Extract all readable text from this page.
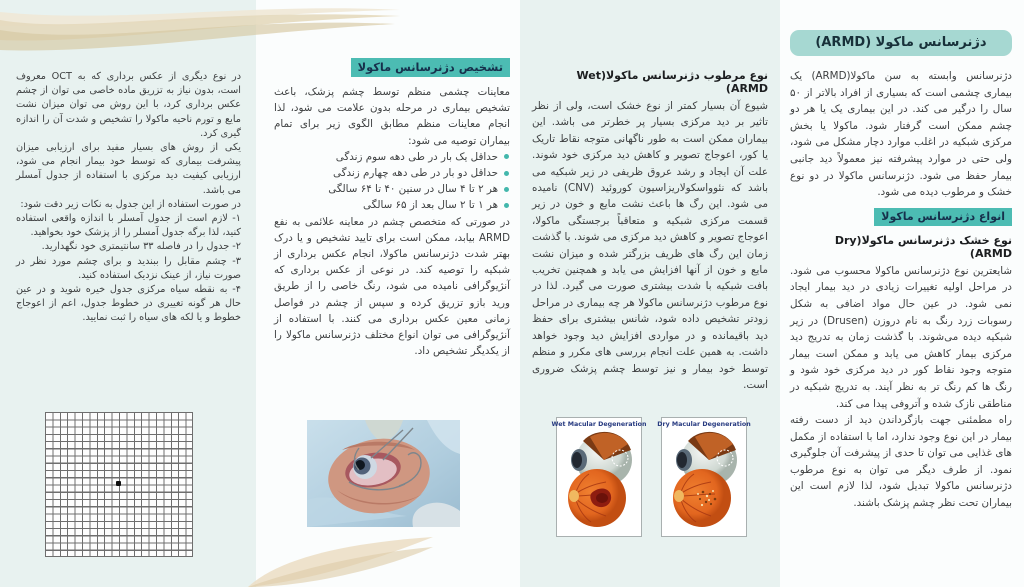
دژنرسانس ماکولا (ARMD)

دژنرسانس وابسته به سن ماکولا(ARMD) یک بیماری چشمی است که بسیاری از افراد بالاتر از ۵۰ سال را درگیر می کند. در این بیماری یک یا هر دو چشم ممکن است گرفتار شود. ماکولا یا بخش مرکزی شبکیه در اغلب موارد دچار مشکل می شود، ولی حتی در موارد پیشرفته نیز معمولاً دید جانبی بیمار حفظ می شود. دژنرسانس ماکولا در دو نوع خشک و مرطوب دیده می شود.

انواع دژنرسانس ماکولا
نوع خشک دژنرسانس ماکولا(Dry ARMD)

شایعترین نوع دژنرسانس ماکولا محسوب می شود. در مراحل اولیه تغییرات زیادی در دید بیمار ایجاد نمی شود. در عین حال مواد اضافی به شکل رسوبات زرد رنگ به نام دروزن (Drusen) در زیر شبکیه دیده می‌شوند. با گذشت زمان به تدریج دید مرکزی بیمار کاهش می یابد و ممکن است بیمار متوجه وجود نقاط کور در دید مرکزی خود شود و رنگ ها کم رنگ تر به نظر آیند. به تدریج شبکیه در مناطقی نازک شده و آتروفی پیدا می کند.

راه مطمئنی جهت بازگرداندن دید از دست رفته بیمار در این نوع وجود ندارد، اما با استفاده از مکمل های غذایی می توان تا حدی از پیشرفت آن جلوگیری نمود. از طرف دیگر می توان به نوع مرطوب دژنرسانس ماکولا تبدیل شود، لذا لازم است این بیماران تحت نظر چشم پزشک باشند.

نوع مرطوب دژنرسانس ماکولا(Wet ARMD)

شیوع آن بسیار کمتر از نوع خشک است، ولی از نظر تاثیر بر دید مرکزی بسیار پر خطرتر می باشد. این بیماران ممکن است به طور ناگهانی متوجه نقاط تاریک یا کور، اعوجاج تصویر و کاهش دید مرکزی خود شوند. علت آن ایجاد و رشد عروق ظریفی در زیر شبکیه می باشد که نئوواسکولاریزاسیون کوروئید (CNV) نامیده می شود. این رگ ها باعث نشت مایع و خون در زیر قسمت مرکزی شبکیه و متعاقباً برجستگی ماکولا، اعوجاج تصویر و کاهش دید مرکزی می شوند. با گذشت زمان این رگ های ظریف بزرگتر شده و میزان نشت مایع و خون از آنها افزایش می یابد و همچنین تخریب بافت شبکیه با شدت بیشتری صورت می گیرد. لذا در نوع مرطوب دژنرسانس ماکولا هر چه بیماری در مراحل زودتر تشخیص داده شود، شانس بیشتری برای حفظ دید باقیمانده و در مواردی افزایش دید وجود خواهد داشت. به همین علت انجام بررسی های مکرر و منظم توسط خود بیمار و نیز توسط چشم پزشک ضروری است.

Wet Macular Degeneration Dry Macular Degeneration
تشخیص دژنرسانس ماکولا

معاینات چشمی منظم توسط چشم پزشک، باعث تشخیص بیماری در مرحله بدون علامت می شود، لذا انجام معاینات منظم مطابق الگوی زیر برای تمام بیماران توصیه می شود:

حداقل یک بار در طی دهه سوم زندگی
حداقل دو بار در طی دهه چهارم زندگی
هر ۲ تا ۴ سال در سنین ۴۰ تا ۶۴ سالگی
هر ۱ تا ۲ سال بعد از ۶۵ سالگی

در صورتی که متخصص چشم در معاینه علائمی به نفع ARMD بیابد، ممکن است برای تایید تشخیص و یا درک بهتر شدت دژنرسانس ماکولا، انجام عکس برداری از شبکیه را توصیه کند. در نوعی از عکس برداری که آنژیوگرافی نامیده می شود، رنگ خاصی را از طریق ورید بازو تزریق کرده و سپس از چشم در فواصل زمانی معین عکس برداری می کنند. با استفاده از آنژیوگرافی می توان انواع مختلف دژنرسانس ماکولا را از یکدیگر تشخیص داد.

در نوع دیگری از عکس برداری که به OCT معروف است، بدون نیاز به تزریق ماده خاصی می توان از چشم عکس برداری کرد، با این روش می توان میزان نشت مایع و تورم ناحیه ماکولا را تشخیص و شدت آن را اندازه گیری کرد.

یکی از روش های بسیار مفید برای ارزیابی میزان پیشرفت بیماری که توسط خود بیمار انجام می شود، ارزیابی کیفیت دید مرکزی با استفاده از جدول آمسلر می باشد.

در صورت استفاده از این جدول به نکات زیر دقت شود:

۱- لازم است از جدول آمسلر با اندازه واقعی استفاده کنید، لذا برگه جدول آمسلر را از پزشک خود بخواهید.

۲- جدول را در فاصله ۳۳ سانتیمتری خود نگهدارید.

۳- چشم مقابل را ببندید و برای چشم مورد نظر در صورت نیاز، از عینک نزدیک استفاده کنید.

۴- به نقطه سیاه مرکزی جدول خیره شوید و در عین حال هر گونه تغییری در خطوط جدول، اعم از اعوجاج خطوط و یا لکه های سیاه را ثبت نمایید.
